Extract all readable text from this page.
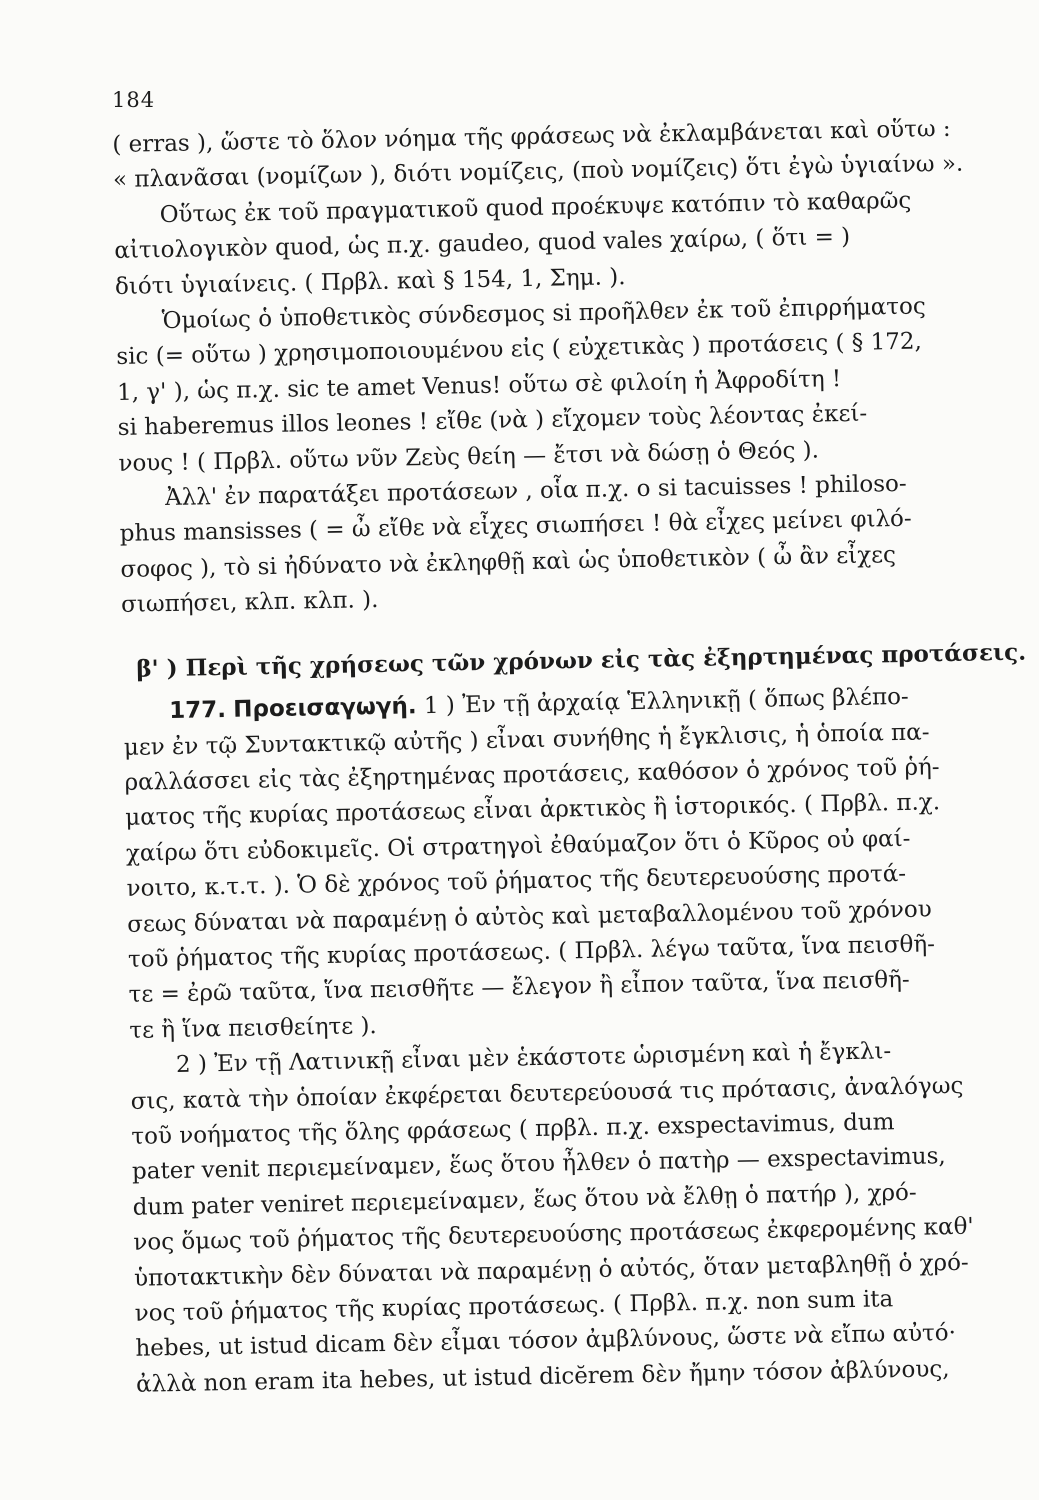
184
( erras ), ὥστε τὸ ὅλον νόημα τῆς φράσεως νὰ ἐκλαμβάνεται καὶ οὕτω :
« πλανᾶσαι (νομίζων ), διότι νομίζεις, (ποὺ νομίζεις) ὅτι ἐγὼ ὑγιαίνω ».
Οὕτως ἐκ τοῦ πραγματικοῦ quod προέκυψε κατόπιν τὸ καθαρῶς
αἰτιολογικὸν quod, ὡς π.χ. gaudeo, quod vales χαίρω, ( ὅτι = )
διότι ὑγιαίνεις. ( Πρβλ. καὶ § 154, 1, Σημ. ).
Ὁμοίως ὁ ὑποθετικὸς σύνδεσμος si προῆλθεν ἐκ τοῦ ἐπιρρήματος
sic (= οὕτω ) χρησιμοποιουμένου εἰς ( εὐχετικὰς ) προτάσεις ( § 172,
1, γ' ), ὡς π.χ. sic te amet Venus! οὕτω σὲ φιλοίη ἡ Ἀφροδίτη !
si haberemus illos leones ! εἴθε (νὰ ) εἴχομεν τοὺς λέοντας ἐκεί-
νους ! ( Πρβλ. οὕτω νῦν Ζεὺς θείη — ἔτσι νὰ δώσῃ ὁ Θεός ).
Ἀλλ' ἐν παρατάξει προτάσεων , οἷα π.χ. o si tacuisses ! philoso-
phus mansisses ( = ὦ εἴθε νὰ εἶχες σιωπήσει ! θὰ εἶχες μείνει φιλό-
σοφος ), τὸ si ἠδύνατο νὰ ἐκληφθῇ καὶ ὡς ὑποθετικὸν ( ὦ ἂν εἶχες
σιωπήσει, κλπ. κλπ. ).
β' ) Περὶ τῆς χρήσεως τῶν χρόνων εἰς τὰς ἐξηρτημένας προτάσεις.
177. Προεισαγωγή. 1 ) Ἐν τῇ ἀρχαίᾳ Ἑλληνικῇ ( ὅπως βλέπο-
μεν ἐν τῷ Συντακτικῷ αὐτῆς ) εἶναι συνήθης ἡ ἔγκλισις, ἡ ὁποία πα-
ραλλάσσει εἰς τὰς ἐξηρτημένας προτάσεις, καθόσον ὁ χρόνος τοῦ ῥή-
ματος τῆς κυρίας προτάσεως εἶναι ἀρκτικὸς ἢ ἱστορικός. ( Πρβλ. π.χ.
χαίρω ὅτι εὐδοκιμεῖς. Οἱ στρατηγοὶ ἐθαύμαζον ὅτι ὁ Κῦρος οὐ φαί-
νοιτο, κ.τ.τ. ). Ὁ δὲ χρόνος τοῦ ῥήματος τῆς δευτερευούσης προτά-
σεως δύναται νὰ παραμένῃ ὁ αὐτὸς καὶ μεταβαλλομένου τοῦ χρόνου
τοῦ ῥήματος τῆς κυρίας προτάσεως. ( Πρβλ. λέγω ταῦτα, ἵνα πεισθῆ-
τε = ἐρῶ ταῦτα, ἵνα πεισθῆτε — ἔλεγον ἢ εἶπον ταῦτα, ἵνα πεισθῆ-
τε ἢ ἵνα πεισθείητε ).
2 ) Ἐν τῇ Λατινικῇ εἶναι μὲν ἑκάστοτε ὡρισμένη καὶ ἡ ἔγκλι-
σις, κατὰ τὴν ὁποίαν ἐκφέρεται δευτερεύουσά τις πρότασις, ἀναλόγως
τοῦ νοήματος τῆς ὅλης φράσεως ( πρβλ. π.χ. exspectavimus, dum
pater venit περιεμείναμεν, ἕως ὅτου ἦλθεν ὁ πατὴρ — exspectavimus,
dum pater veniret περιεμείναμεν, ἕως ὅτου νὰ ἔλθῃ ὁ πατήρ ), χρό-
νος ὅμως τοῦ ῥήματος τῆς δευτερευούσης προτάσεως ἐκφερομένης καθ'
ὑποτακτικὴν δὲν δύναται νὰ παραμένῃ ὁ αὐτός, ὅταν μεταβληθῇ ὁ χρό-
νος τοῦ ῥήματος τῆς κυρίας προτάσεως. ( Πρβλ. π.χ. non sum ita
hebes, ut istud dicam δὲν εἶμαι τόσον ἀμβλύνους, ὥστε νὰ εἴπω αὐτό·
ἀλλὰ non eram ita hebes, ut istud dicĕrem δὲν ἤμην τόσον ἀβλύνους,
